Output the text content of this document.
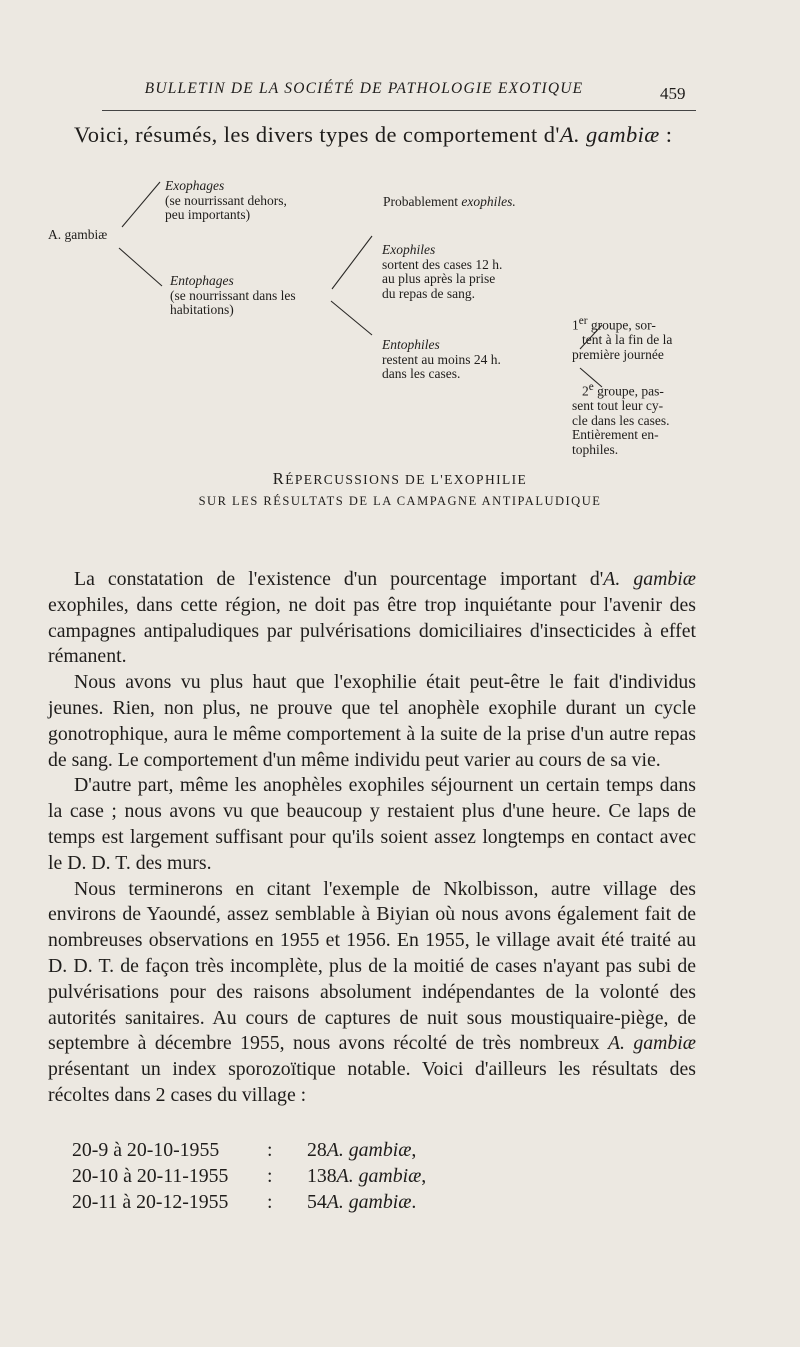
BULLETIN DE LA SOCIÉTÉ DE PATHOLOGIE EXOTIQUE	459
Voici, résumés, les divers types de comportement d'A. gambiæ :
A. gambiæ
Exophages
(se nourrissant dehors,
peu importants)
Probablement exophiles.
Entophages
(se nourrissant dans les
habitations)
Exophiles
sortent des cases 12 h.
au plus après la prise
du repas de sang.
Entophiles
restent au moins 24 h.
dans les cases.
1er groupe, sor-
tent à la fin de la
première journée
2e groupe, pas-
sent tout leur cy-
cle dans les cases.
Entièrement en-
tophiles.
RÉPERCUSSIONS DE L'EXOPHILIE
SUR LES RÉSULTATS DE LA CAMPAGNE ANTIPALUDIQUE

La constatation de l'existence d'un pourcentage important d'A. gambiæ exophiles, dans cette région, ne doit pas être trop inquiétante pour l'avenir des campagnes antipaludiques par pulvérisations domiciliaires d'insecticides à effet rémanent.

Nous avons vu plus haut que l'exophilie était peut-être le fait d'individus jeunes. Rien, non plus, ne prouve que tel anophèle exophile durant un cycle gonotrophique, aura le même comportement à la suite de la prise d'un autre repas de sang. Le comportement d'un même individu peut varier au cours de sa vie.

D'autre part, même les anophèles exophiles séjournent un certain temps dans la case ; nous avons vu que beaucoup y restaient plus d'une heure. Ce laps de temps est largement suffisant pour qu'ils soient assez longtemps en contact avec le D. D. T. des murs.

Nous terminerons en citant l'exemple de Nkolbisson, autre village des environs de Yaoundé, assez semblable à Biyian où nous avons également fait de nombreuses observations en 1955 et 1956. En 1955, le village avait été traité au D. D. T. de façon très incomplète, plus de la moitié de cases n'ayant pas subi de pulvérisations pour des raisons absolument indépendantes de la volonté des autorités sanitaires. Au cours de captures de nuit sous moustiquaire-piège, de septembre à décembre 1955, nous avons récolté de très nombreux A. gambiæ présentant un index sporozoïtique notable. Voici d'ailleurs les résultats des récoltes dans 2 cases du village :

20-9 à 20-10-1955	:	28 A. gambiæ ,
20-10 à 20-11-1955	:	138 A. gambiæ ,
20-11 à 20-12-1955	:	54 A. gambiæ .
